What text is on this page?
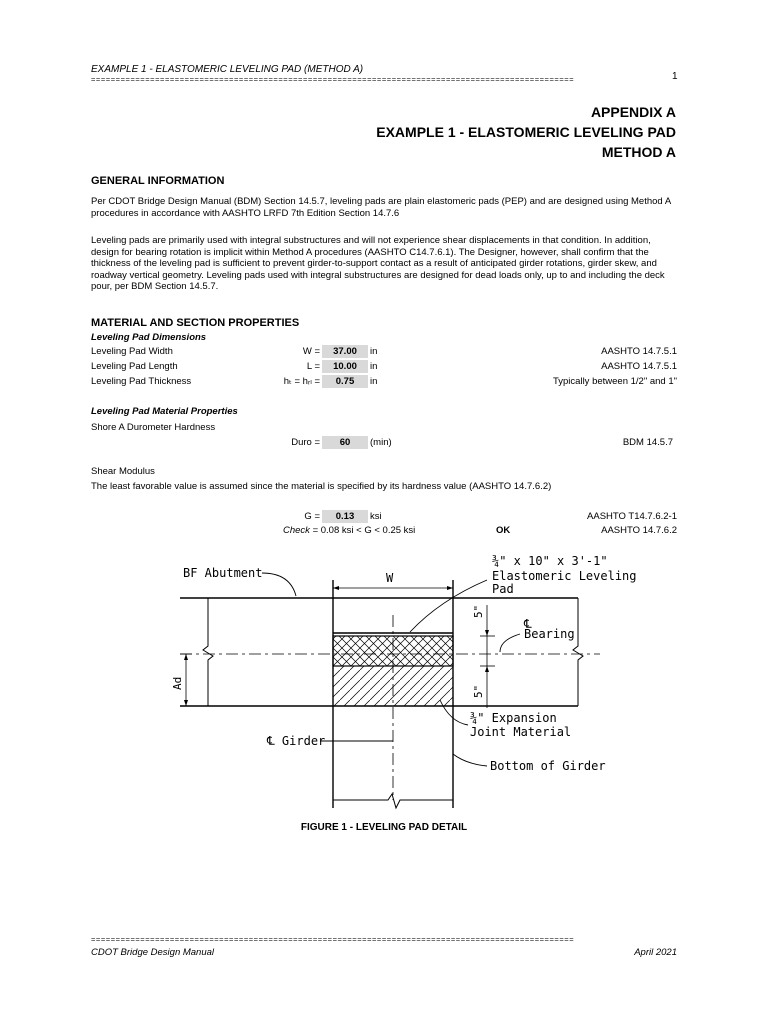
EXAMPLE 1 - ELASTOMERIC LEVELING PAD (METHOD A)
1
==================================================================================================
APPENDIX A
EXAMPLE 1 - ELASTOMERIC LEVELING PAD
METHOD A
GENERAL INFORMATION
Per CDOT Bridge Design Manual (BDM) Section 14.5.7, leveling pads are plain elastomeric pads (PEP) and are designed using Method A procedures in accordance with AASHTO LRFD 7th Edition Section 14.7.6
Leveling pads are primarily used with integral substructures and will not experience shear displacements in that condition. In addition, design for bearing rotation is implicit within Method A procedures (AASHTO C14.7.6.1). The Designer, however, shall confirm that the thickness of the leveling pad is sufficient to prevent girder-to-support contact as a result of anticipated girder rotations, girder skew, and roadway vertical geometry. Leveling pads used with integral substructures are designed for dead loads only, up to and including the deck pour, per BDM Section 14.5.7.
MATERIAL AND SECTION PROPERTIES
Leveling Pad Dimensions
Leveling Pad Width	W =	37.00	in	AASHTO 14.7.5.1
Leveling Pad Length	L =	10.00	in	AASHTO 14.7.5.1
Leveling Pad Thickness	hₜ = hᵣₗ =	0.75	in	Typically between 1/2" and 1"
Leveling Pad Material Properties
Shore A Durometer Hardness
Duro =	60	(min)	BDM 14.5.7
Shear Modulus
The least favorable value is assumed since the material is specified by its hardness value (AASHTO 14.7.6.2)
G =	0.13	ksi	AASHTO T14.7.6.2-1
Check = 0.08 ksi < G < 0.25 ksi	OK	AASHTO 14.7.6.2
BF Abutment	W
¾" x 10" x 3'-1"
Elastomeric Leveling
Pad
℄
Bearing
¾" Expansion
Joint Material
℄ Girder
Bottom of Girder
5"
5"
Ad
FIGURE 1 - LEVELING PAD DETAIL
==================================================================================================
CDOT Bridge Design Manual	April 2021
